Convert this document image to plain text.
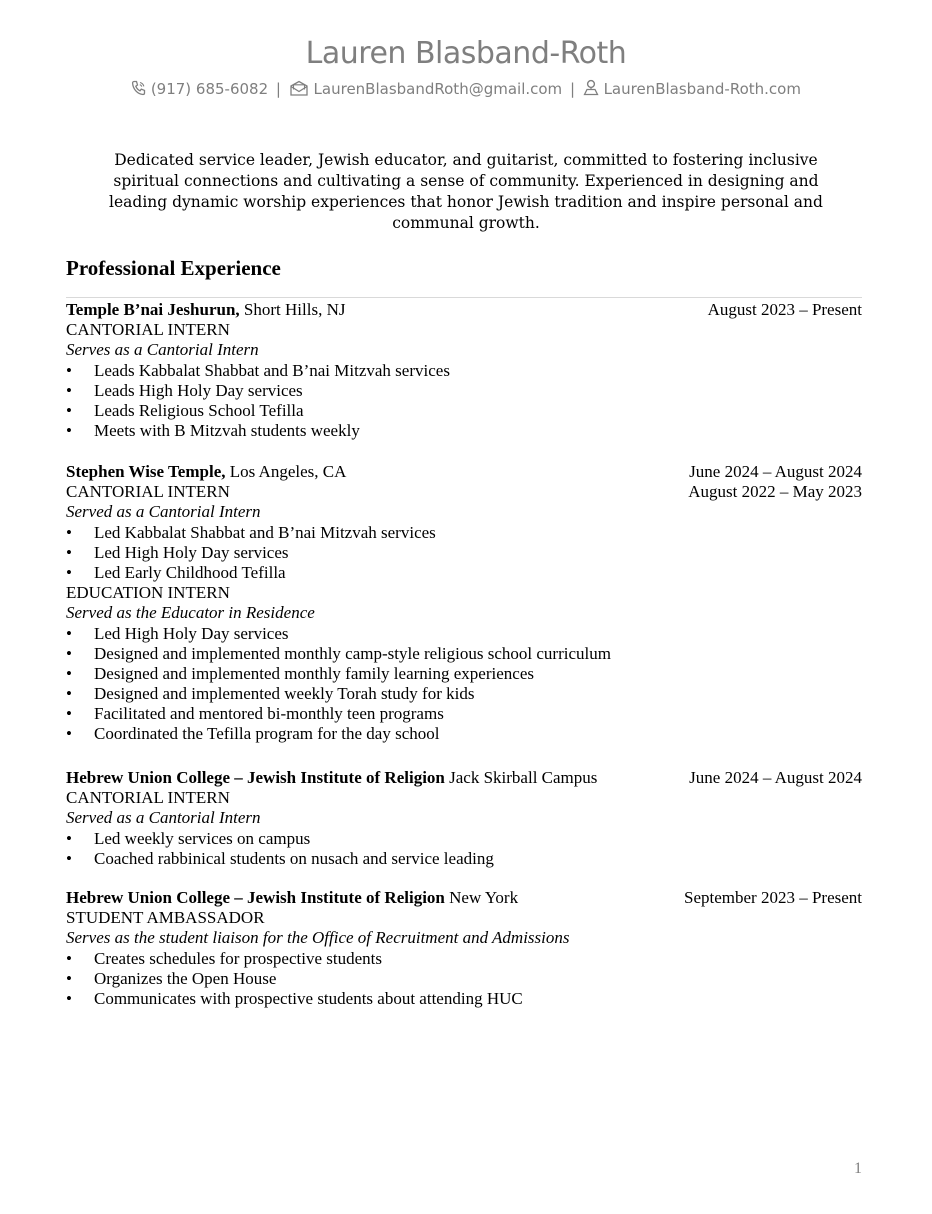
Lauren Blasband-Roth
(917) 685-6082 | LaurenBlasbandRoth@gmail.com | LaurenBlasband-Roth.com
Dedicated service leader, Jewish educator, and guitarist, committed to fostering inclusive spiritual connections and cultivating a sense of community. Experienced in designing and leading dynamic worship experiences that honor Jewish tradition and inspire personal and communal growth.
Professional Experience
Temple B’nai Jeshurun, Short Hills, NJ	August 2023 – Present
CANTORIAL INTERN
Serves as a Cantorial Intern
• Leads Kabbalat Shabbat and B’nai Mitzvah services
• Leads High Holy Day services
• Leads Religious School Tefilla
• Meets with B Mitzvah students weekly
Stephen Wise Temple, Los Angeles, CA	June 2024 – August 2024
August 2022 – May 2023
CANTORIAL INTERN
Served as a Cantorial Intern
• Led Kabbalat Shabbat and B’nai Mitzvah services
• Led High Holy Day services
• Led Early Childhood Tefilla
EDUCATION INTERN
Served as the Educator in Residence
• Led High Holy Day services
• Designed and implemented monthly camp-style religious school curriculum
• Designed and implemented monthly family learning experiences
• Designed and implemented weekly Torah study for kids
• Facilitated and mentored bi-monthly teen programs
• Coordinated the Tefilla program for the day school
Hebrew Union College – Jewish Institute of Religion Jack Skirball Campus	June 2024 – August 2024
CANTORIAL INTERN
Served as a Cantorial Intern
• Led weekly services on campus
• Coached rabbinical students on nusach and service leading
Hebrew Union College – Jewish Institute of Religion New York	September 2023 – Present
STUDENT AMBASSADOR
Serves as the student liaison for the Office of Recruitment and Admissions
• Creates schedules for prospective students
• Organizes the Open House
• Communicates with prospective students about attending HUC
1
